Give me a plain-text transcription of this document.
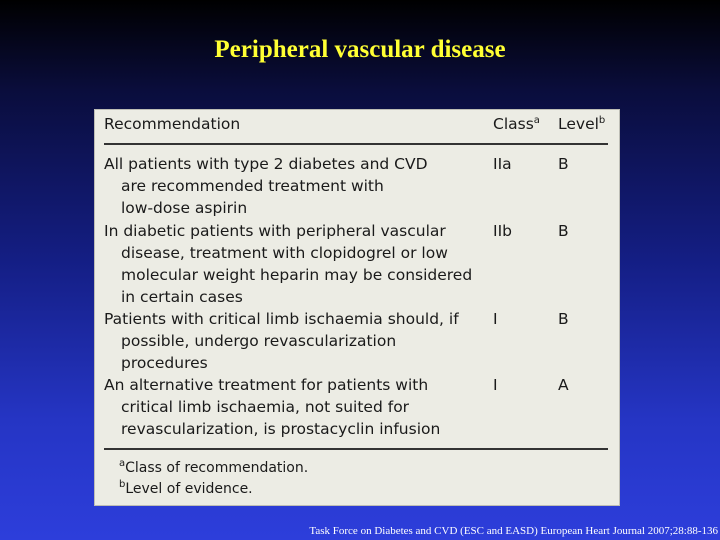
Peripheral vascular disease
Recommendation	Class$^a$ Level$^b$
All patients with type 2 diabetes and CVD
are recommended treatment with
low-dose aspirin
IIa	B
In diabetic patients with peripheral vascular
disease, treatment with clopidogrel or low
molecular weight heparin may be considered
in certain cases
IIb	B
Patients with critical limb ischaemia should, if
possible, undergo revascularization
procedures
I	B
An alternative treatment for patients with
critical limb ischaemia, not suited for
revascularization, is prostacyclin infusion
I	A
$^a$Class of recommendation.
$^b$Level of evidence.
Task Force on Diabetes and CVD (ESC and EASD) European Heart Journal 2007;28:88-136
